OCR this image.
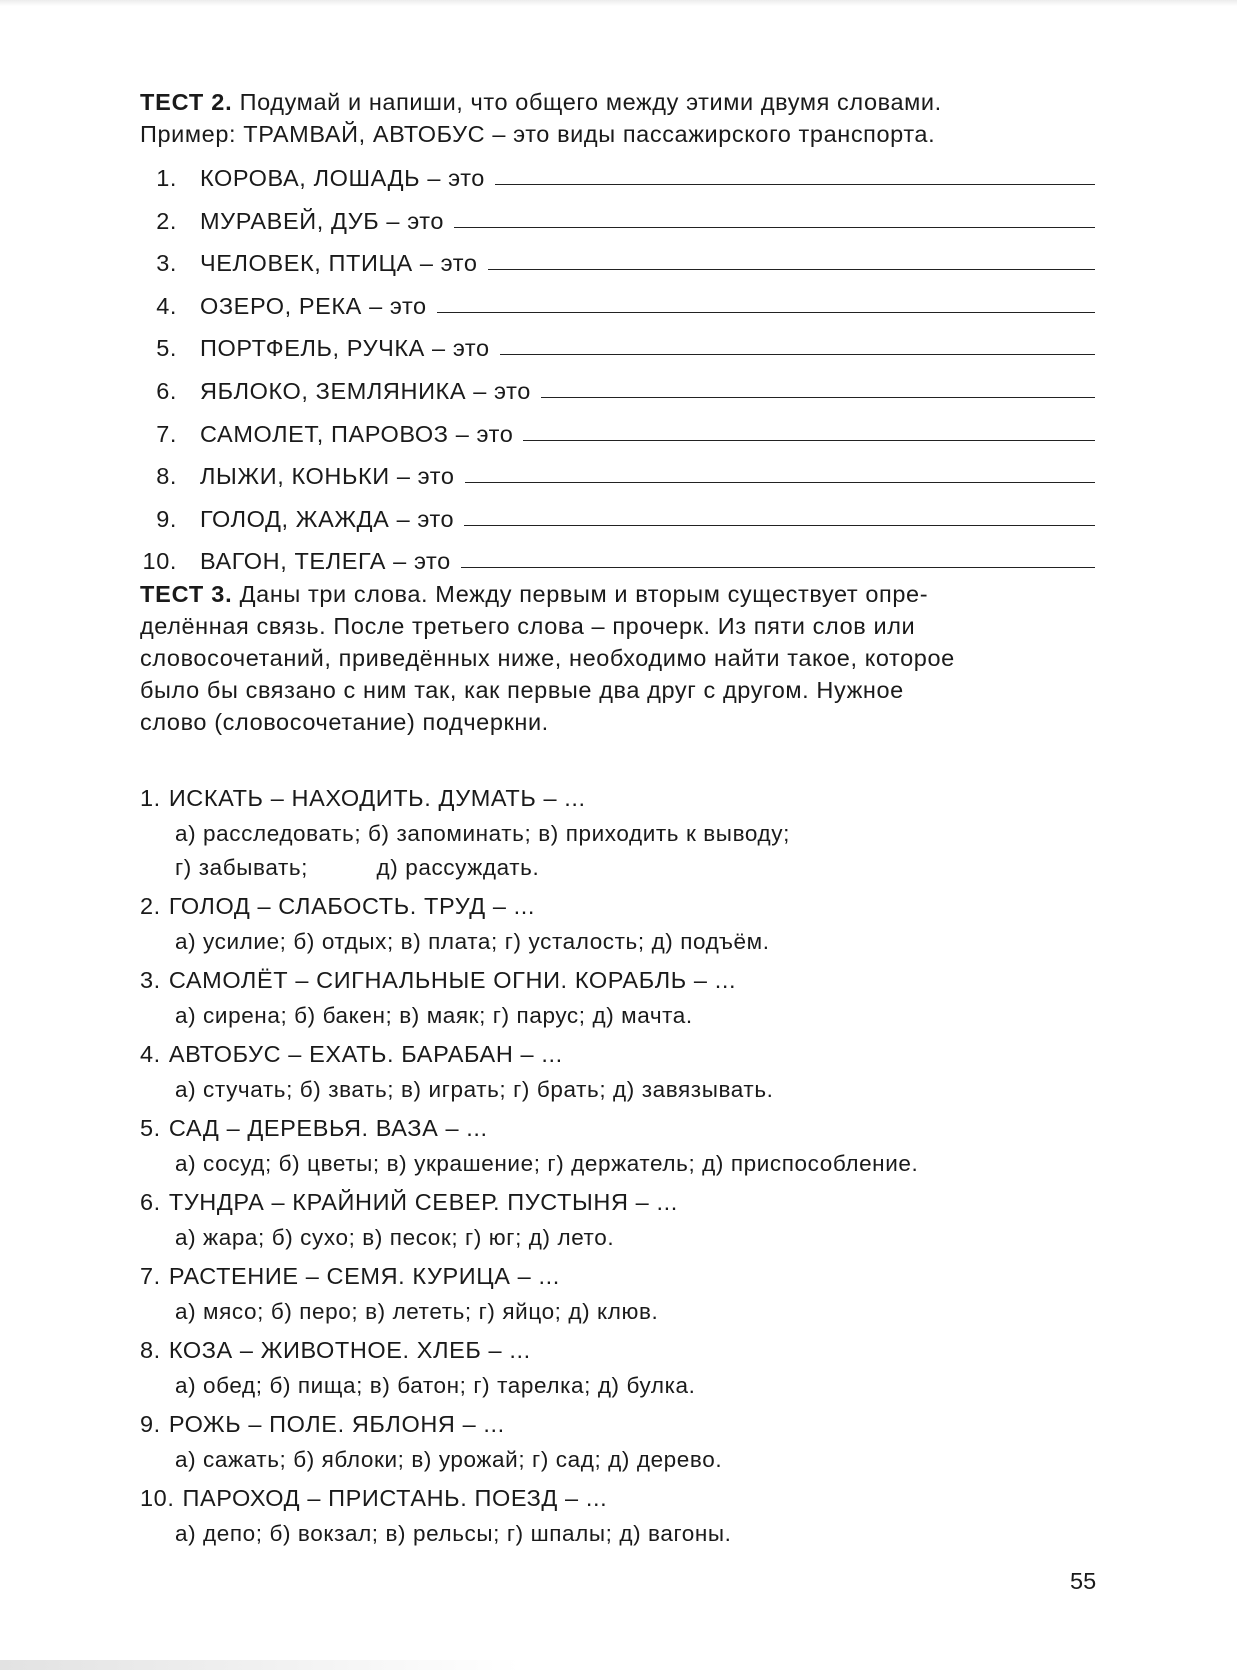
ТЕСТ 2. Подумай и напиши, что общего между этими двумя словами.
Пример: ТРАМВАЙ, АВТОБУС – это виды пассажирского транспорта.

1. КОРОВА, ЛОШАДЬ – это
2. МУРАВЕЙ, ДУБ – это
3. ЧЕЛОВЕК, ПТИЦА – это
4. ОЗЕРО, РЕКА – это
5. ПОРТФЕЛЬ, РУЧКА – это
6. ЯБЛОКО, ЗЕМЛЯНИКА – это
7. САМОЛЕТ, ПАРОВОЗ – это
8. ЛЫЖИ, КОНЬКИ – это
9. ГОЛОД, ЖАЖДА – это
10. ВАГОН, ТЕЛЕГА – это

ТЕСТ 3. Даны три слова. Между первым и вторым существует опре-
делённая связь. После третьего слова – прочерк. Из пяти слов или
словосочетаний, приведённых ниже, необходимо найти такое, которое
было бы связано с ним так, как первые два друг с другом. Нужное
слово (словосочетание) подчеркни.

1. ИСКАТЬ – НАХОДИТЬ. ДУМАТЬ – ...
а) расследовать; б) запоминать; в) приходить к выводу;
г) забывать;          д) рассуждать.
2. ГОЛОД – СЛАБОСТЬ. ТРУД – ...
а) усилие; б) отдых; в) плата; г) усталость; д) подъём.
3. САМОЛЁТ – СИГНАЛЬНЫЕ ОГНИ. КОРАБЛЬ – ...
а) сирена; б) бакен; в) маяк; г) парус; д) мачта.
4. АВТОБУС – ЕХАТЬ. БАРАБАН – ...
а) стучать; б) звать; в) играть; г) брать; д) завязывать.
5. САД – ДЕРЕВЬЯ. ВАЗА – ...
а) сосуд; б) цветы; в) украшение; г) держатель; д) приспособление.
6. ТУНДРА – КРАЙНИЙ СЕВЕР. ПУСТЫНЯ – ...
а) жара; б) сухо; в) песок; г) юг; д) лето.
7. РАСТЕНИЕ – СЕМЯ. КУРИЦА – ...
а) мясо; б) перо; в) лететь; г) яйцо; д) клюв.
8. КОЗА – ЖИВОТНОЕ. ХЛЕБ – ...
а) обед; б) пища; в) батон; г) тарелка; д) булка.
9. РОЖЬ – ПОЛЕ. ЯБЛОНЯ – ...
а) сажать; б) яблоки; в) урожай; г) сад; д) дерево.
10. ПАРОХОД – ПРИСТАНЬ. ПОЕЗД – ...
а) депо; б) вокзал; в) рельсы; г) шпалы; д) вагоны.
55
